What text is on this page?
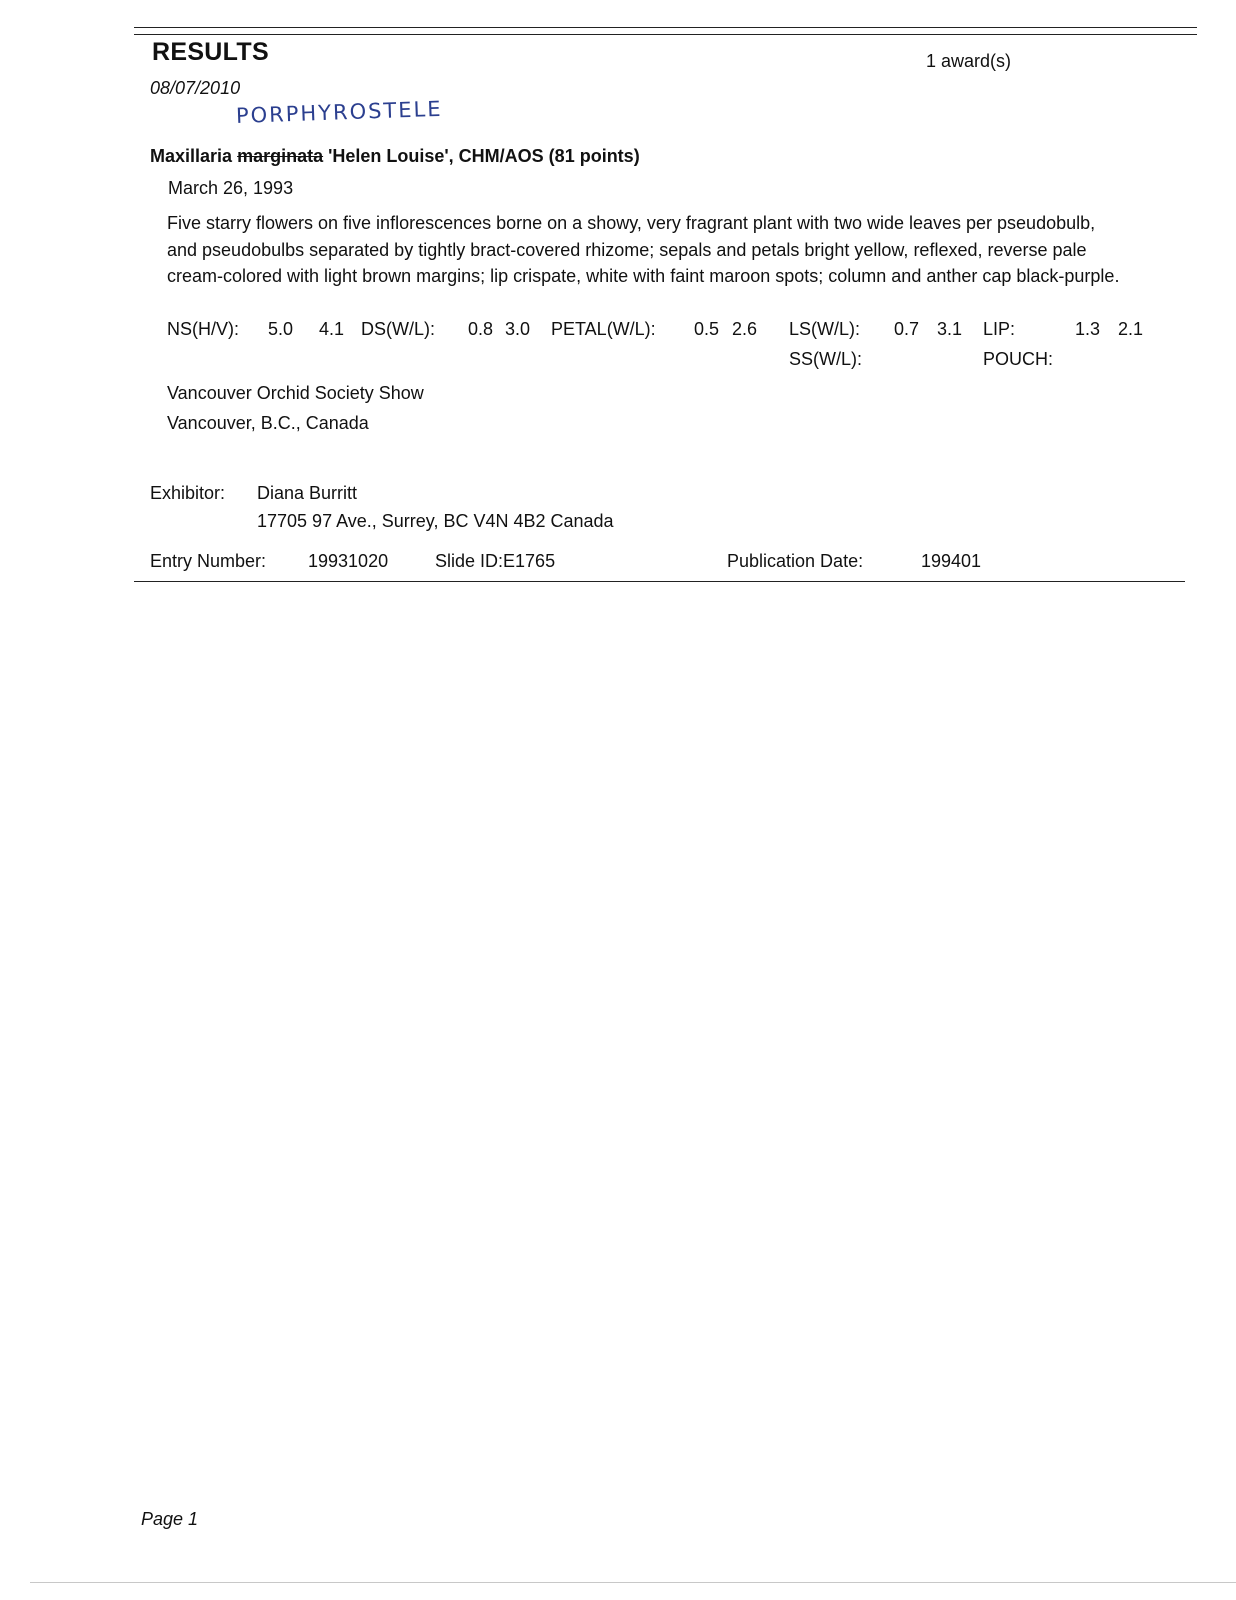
RESULTS
08/07/2010
1 award(s)
PORPHYROSTELE
Maxillaria marginata 'Helen Louise', CHM/AOS (81 points)
March 26, 1993
Five starry flowers on five inflorescences borne on a showy, very fragrant plant with two wide leaves per pseudobulb, and pseudobulbs separated by tightly bract-covered rhizome; sepals and petals bright yellow, reflexed, reverse pale cream-colored with light brown margins; lip crispate, white with faint maroon spots; column and anther cap black-purple.
NS(H/V): 5.0 4.1 DS(W/L): 0.8 3.0 PETAL(W/L): 0.5 2.6 LS(W/L): 0.7 3.1 LIP:	1.3 2.1
SS(W/L):	POUCH:
Vancouver Orchid Society Show
Vancouver, B.C., Canada
Exhibitor: Diana Burritt
17705 97 Ave., Surrey, BC V4N 4B2 Canada
Entry Number: 19931020	Slide ID:E1765	Publication Date:	199401
Page 1
